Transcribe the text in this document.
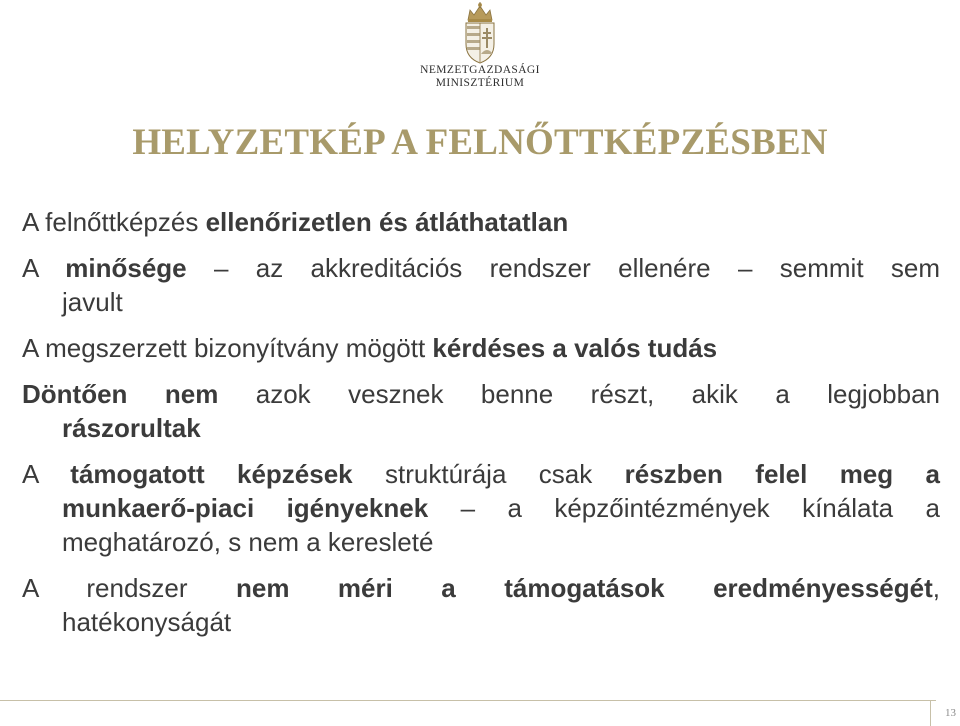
NEMZETGAZDASÁGI
MINISZTÉRIUM
HELYZETKÉP A FELNŐTTKÉPZÉSBEN
A felnőttképzés ellenőrizetlen és átláthatatlan
A minősége – az akkreditációs rendszer ellenére – semmit sem
javult
A megszerzett bizonyítvány mögött kérdéses a valós tudás
Döntően nem azok vesznek benne részt, akik a legjobban
rászorultak
A támogatott képzések struktúrája csak részben felel meg a
munkaerő-piaci igényeknek – a képzőintézmények kínálata a
meghatározó, s nem a keresleté
A rendszer nem méri a támogatások eredményességét,
hatékonyságát
13
